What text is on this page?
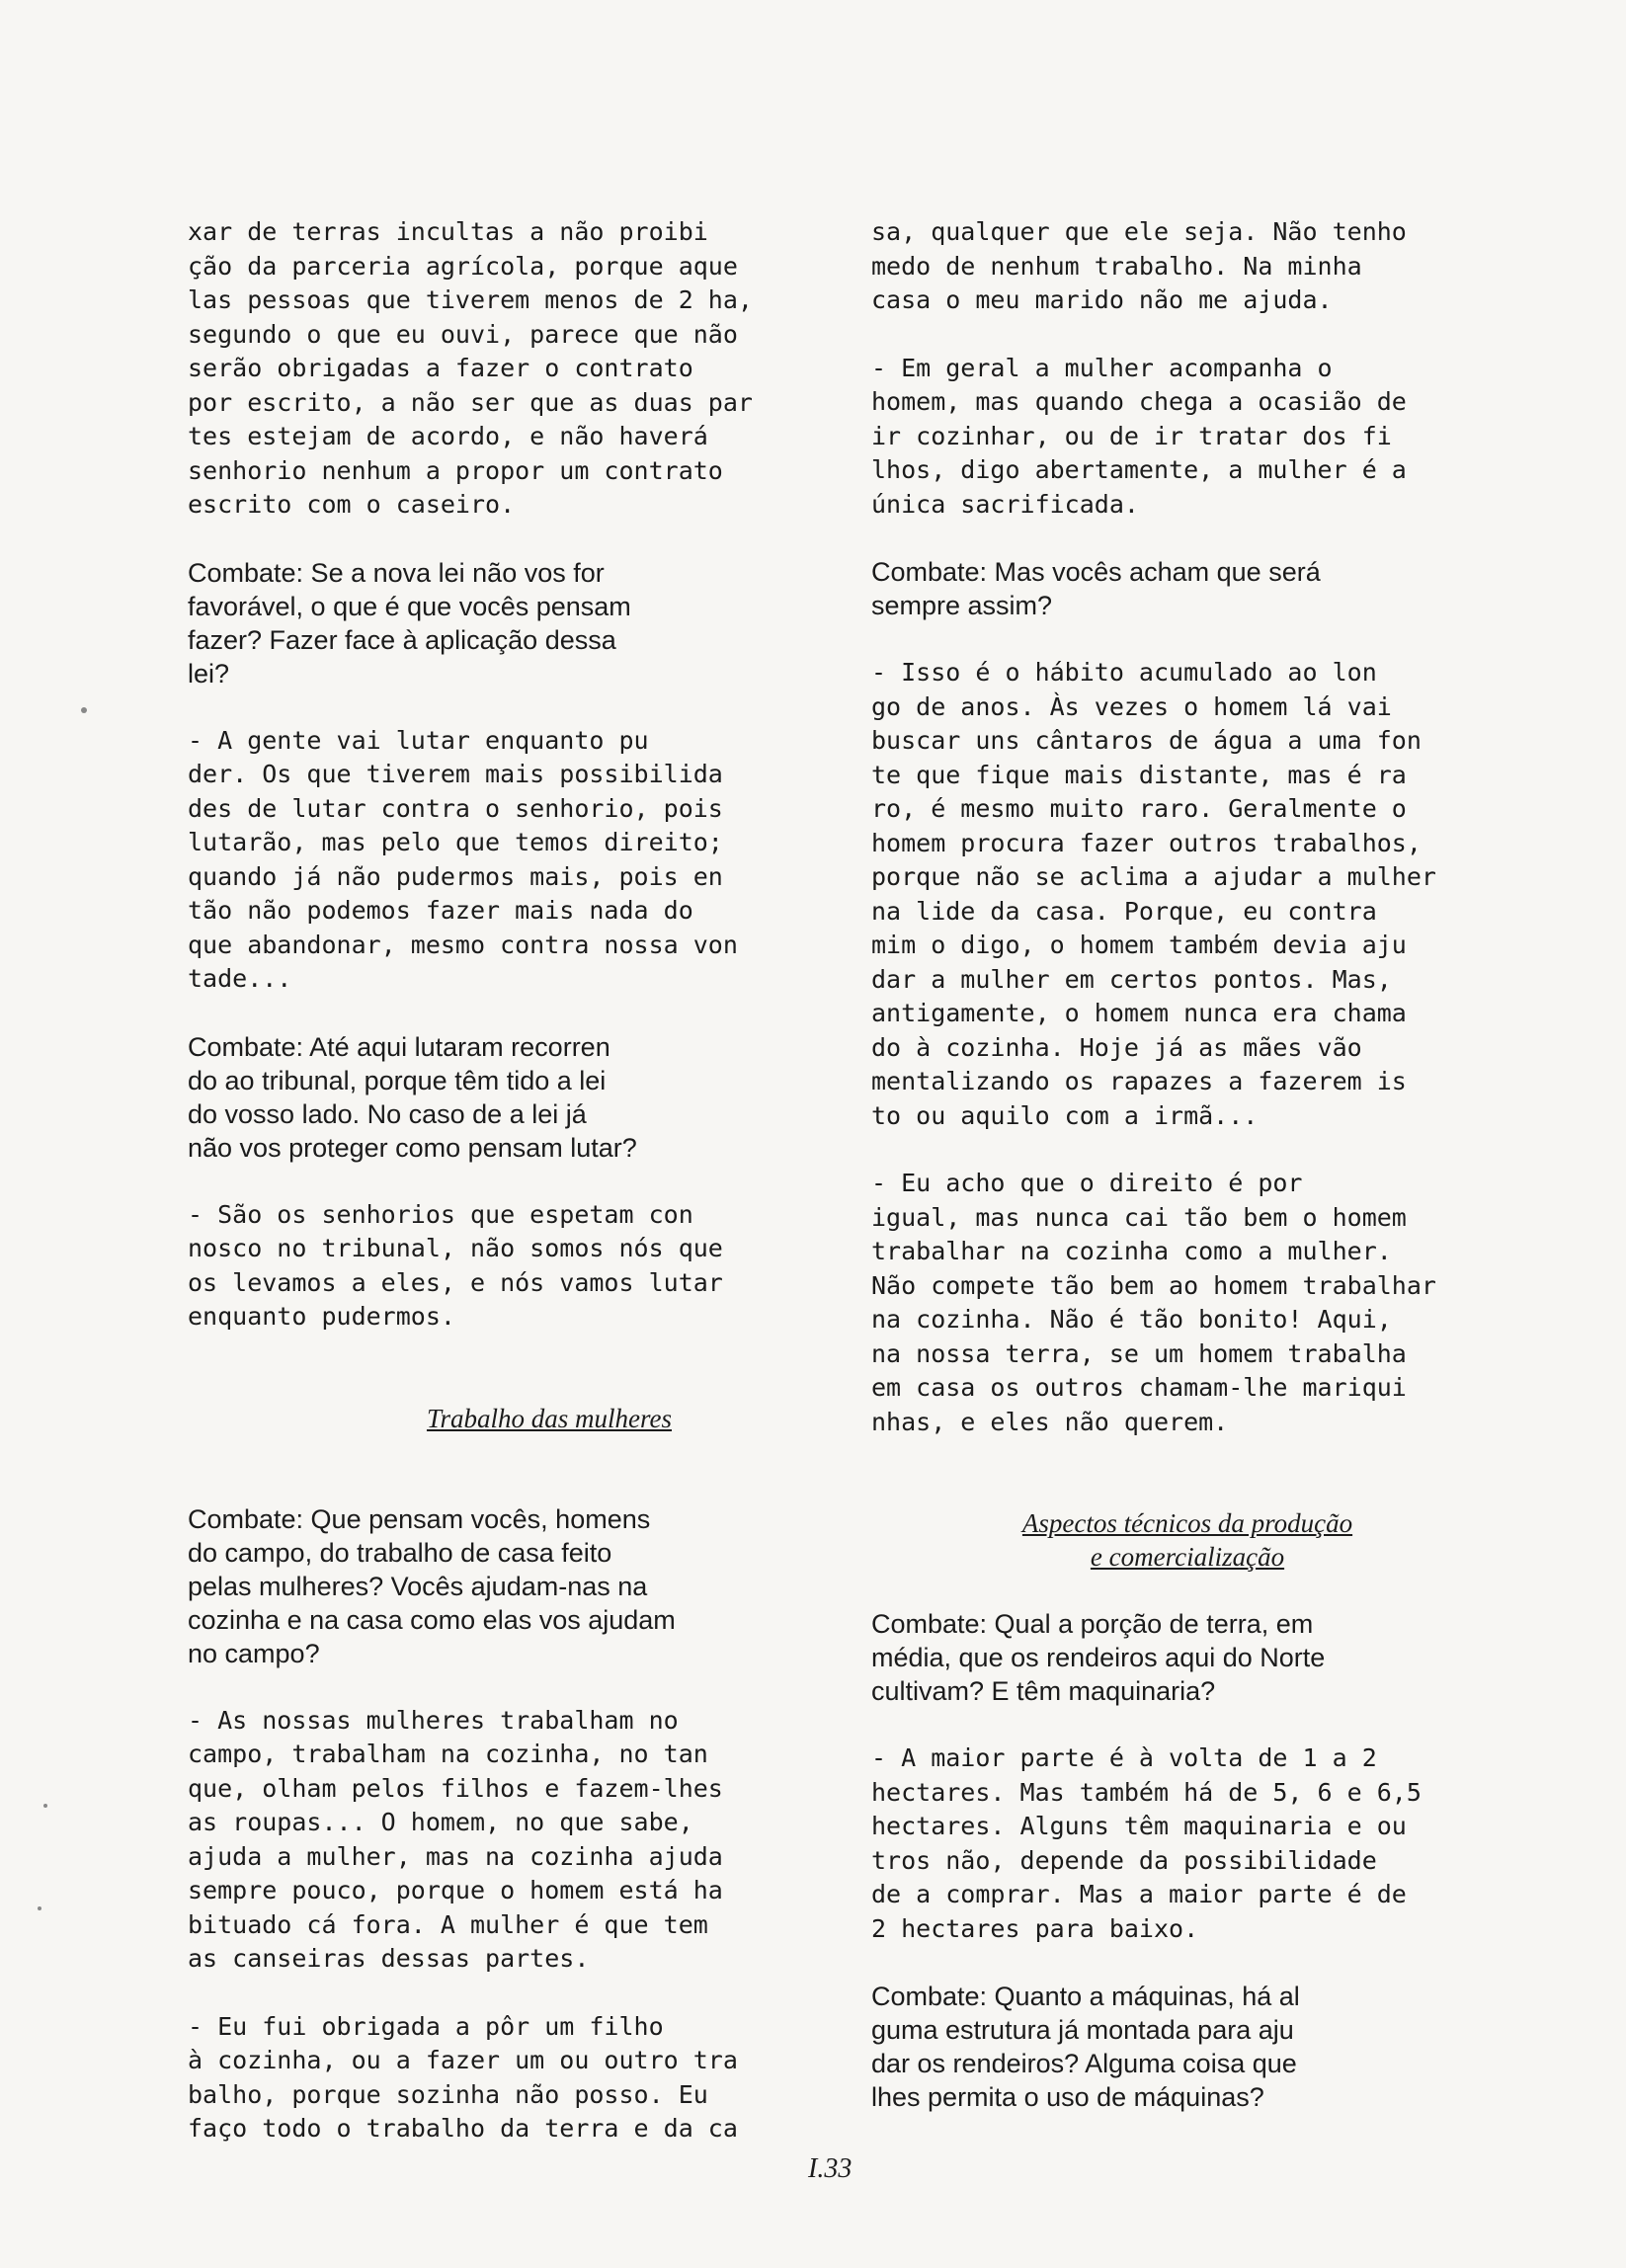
xar de terras incultas a não proibi
ção da parceria agrícola, porque aque
las pessoas que tiverem menos de 2 ha,
segundo o que eu ouvi, parece que não
serão obrigadas a fazer o contrato
por escrito, a não ser que as duas par
tes estejam de acordo, e não haverá
senhorio nenhum a propor um contrato
escrito com o caseiro.

Combate: Se a nova lei não vos for
favorável, o que é que vocês pensam
fazer? Fazer face à aplicação dessa
lei?

- A gente vai lutar enquanto pu
der. Os que tiverem mais possibilida
des de lutar contra o senhorio, pois
lutarão, mas pelo que temos direito;
quando já não pudermos mais, pois en
tão não podemos fazer mais nada do
que abandonar, mesmo contra nossa von
tade...

Combate: Até aqui lutaram recorren
do ao tribunal, porque têm tido a lei
do vosso lado. No caso de a lei já
não vos proteger como pensam lutar?

- São os senhorios que espetam con
nosco no tribunal, não somos nós que
os levamos a eles, e nós vamos lutar
enquanto pudermos.

Trabalho das mulheres

Combate: Que pensam vocês, homens
do campo, do trabalho de casa feito
pelas mulheres? Vocês ajudam-nas na
cozinha e na casa como elas vos ajudam
no campo?

- As nossas mulheres trabalham no
campo, trabalham na cozinha, no tan
que, olham pelos filhos e fazem-lhes
as roupas... O homem, no que sabe,
ajuda a mulher, mas na cozinha ajuda
sempre pouco, porque o homem está ha
bituado cá fora. A mulher é que tem
as canseiras dessas partes.

- Eu fui obrigada a pôr um filho
à cozinha, ou a fazer um ou outro tra
balho, porque sozinha não posso. Eu
faço todo o trabalho da terra e da ca

sa, qualquer que ele seja. Não tenho
medo de nenhum trabalho. Na minha
casa o meu marido não me ajuda.

- Em geral a mulher acompanha o
homem, mas quando chega a ocasião de
ir cozinhar, ou de ir tratar dos fi
lhos, digo abertamente, a mulher é a
única sacrificada.

Combate: Mas vocês acham que será
sempre assim?

- Isso é o hábito acumulado ao lon
go de anos. Às vezes o homem lá vai
buscar uns cântaros de água a uma fon
te que fique mais distante, mas é ra
ro, é mesmo muito raro. Geralmente o
homem procura fazer outros trabalhos,
porque não se aclima a ajudar a mulher
na lide da casa. Porque, eu contra
mim o digo, o homem também devia aju
dar a mulher em certos pontos. Mas,
antigamente, o homem nunca era chama
do à cozinha. Hoje já as mães vão
mentalizando os rapazes a fazerem is
to ou aquilo com a irmã...

- Eu acho que o direito é por
igual, mas nunca cai tão bem o homem
trabalhar na cozinha como a mulher.
Não compete tão bem ao homem trabalhar
na cozinha. Não é tão bonito! Aqui,
na nossa terra, se um homem trabalha
em casa os outros chamam-lhe mariqui
nhas, e eles não querem.

Aspectos técnicos da produção
e comercialização

Combate: Qual a porção de terra, em
média, que os rendeiros aqui do Norte
cultivam? E têm maquinaria?

- A maior parte é à volta de 1 a 2
hectares. Mas também há de 5, 6 e 6,5
hectares. Alguns têm maquinaria e ou
tros não, depende da possibilidade
de a comprar. Mas a maior parte é de
2 hectares para baixo.

Combate: Quanto a máquinas, há al
guma estrutura já montada para aju
dar os rendeiros? Alguma coisa que
lhes permita o uso de máquinas?

I.33
